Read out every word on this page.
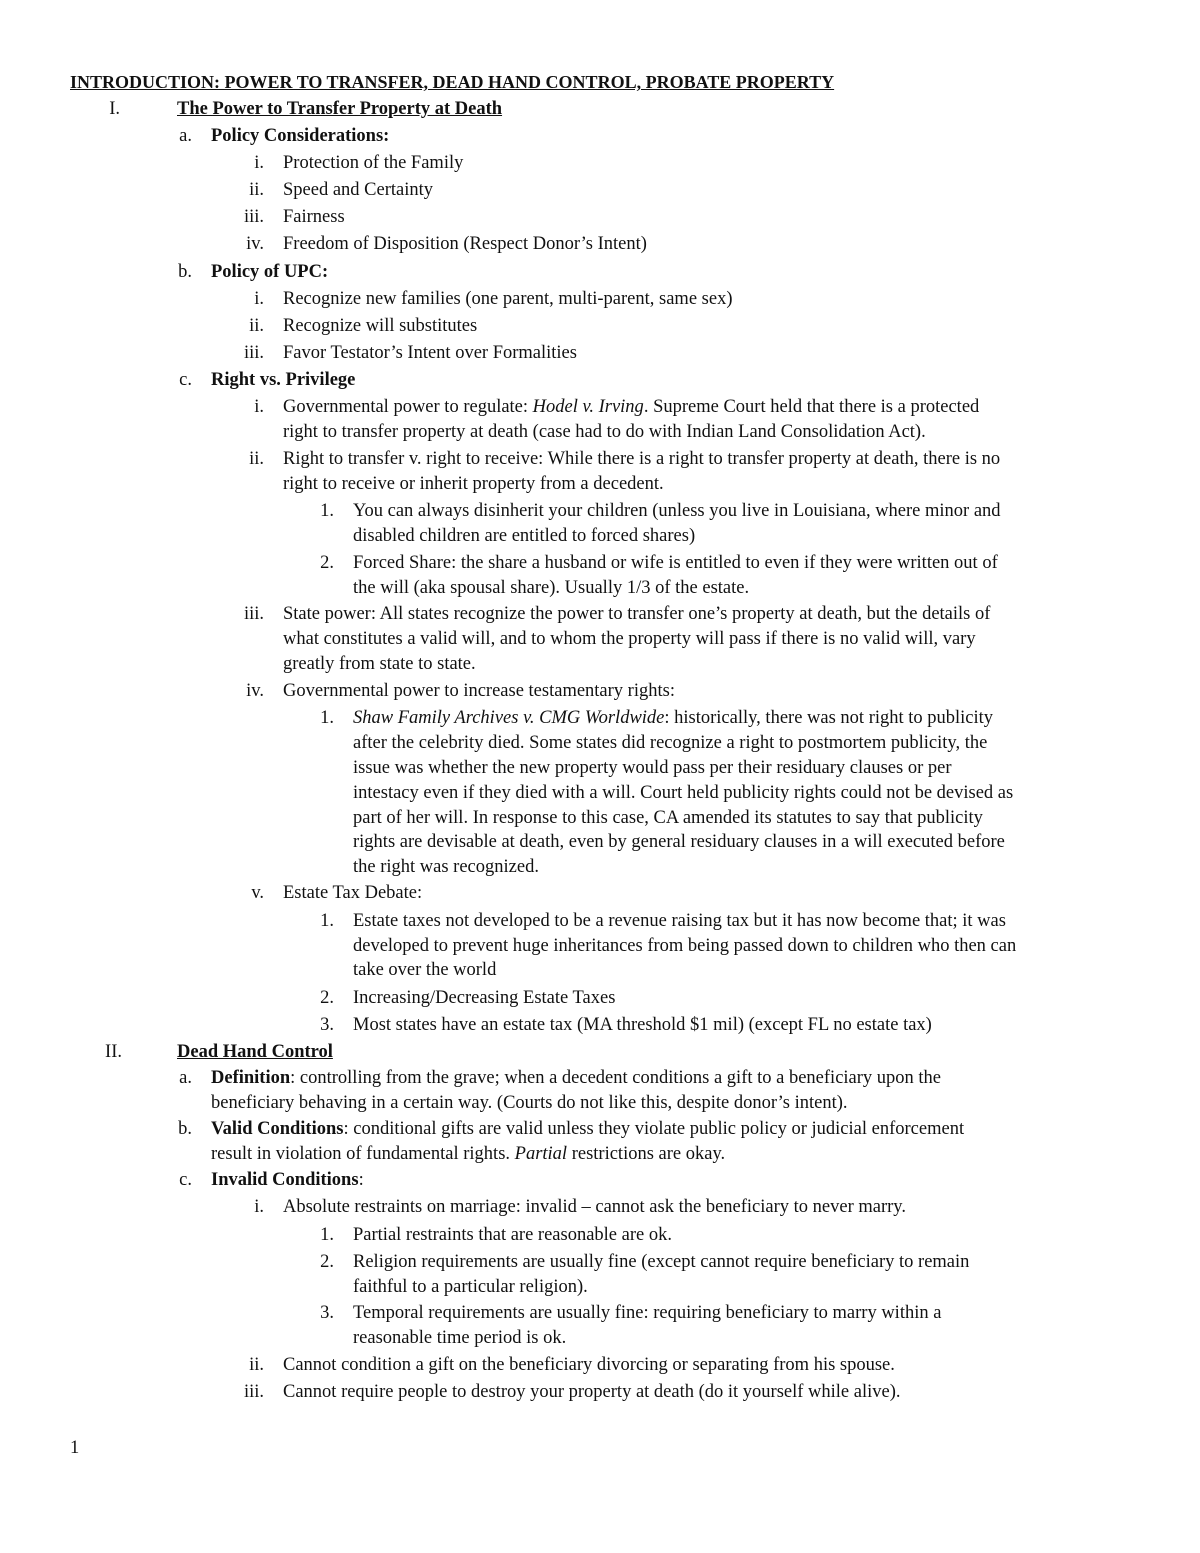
INTRODUCTION: POWER TO TRANSFER, DEAD HAND CONTROL, PROBATE PROPERTY
I.	The Power to Transfer Property at Death
a. Policy Considerations:
i. Protection of the Family
ii. Speed and Certainty
iii. Fairness
iv. Freedom of Disposition (Respect Donor’s Intent)
b. Policy of UPC:
i. Recognize new families (one parent, multi-parent, same sex)
ii. Recognize will substitutes
iii. Favor Testator’s Intent over Formalities
c. Right vs. Privilege
i. Governmental power to regulate: Hodel v. Irving. Supreme Court held that there is a protected
right to transfer property at death (case had to do with Indian Land Consolidation Act).
ii. Right to transfer v. right to receive: While there is a right to transfer property at death, there is no
right to receive or inherit property from a decedent.
1. You can always disinherit your children (unless you live in Louisiana, where minor and
disabled children are entitled to forced shares)
2. Forced Share: the share a husband or wife is entitled to even if they were written out of
the will (aka spousal share). Usually 1/3 of the estate.
iii. State power: All states recognize the power to transfer one’s property at death, but the details of
what constitutes a valid will, and to whom the property will pass if there is no valid will, vary
greatly from state to state.
iv. Governmental power to increase testamentary rights:
1. Shaw Family Archives v. CMG Worldwide: historically, there was not right to publicity
after the celebrity died. Some states did recognize a right to postmortem publicity, the
issue was whether the new property would pass per their residuary clauses or per
intestacy even if they died with a will. Court held publicity rights could not be devised as
part of her will. In response to this case, CA amended its statutes to say that publicity
rights are devisable at death, even by general residuary clauses in a will executed before
the right was recognized.
v. Estate Tax Debate:
1. Estate taxes not developed to be a revenue raising tax but it has now become that; it was
developed to prevent huge inheritances from being passed down to children who then can
take over the world
2. Increasing/Decreasing Estate Taxes
3. Most states have an estate tax (MA threshold $1 mil) (except FL no estate tax)
II.	Dead Hand Control
a. Definition: controlling from the grave; when a decedent conditions a gift to a beneficiary upon the
beneficiary behaving in a certain way. (Courts do not like this, despite donor’s intent).
b. Valid Conditions: conditional gifts are valid unless they violate public policy or judicial enforcement
result in violation of fundamental rights. Partial restrictions are okay.
c. Invalid Conditions:
i. Absolute restraints on marriage: invalid – cannot ask the beneficiary to never marry.
1. Partial restraints that are reasonable are ok.
2. Religion requirements are usually fine (except cannot require beneficiary to remain
faithful to a particular religion).
3. Temporal requirements are usually fine: requiring beneficiary to marry within a
reasonable time period is ok.
ii. Cannot condition a gift on the beneficiary divorcing or separating from his spouse.
iii. Cannot require people to destroy your property at death (do it yourself while alive).
1
